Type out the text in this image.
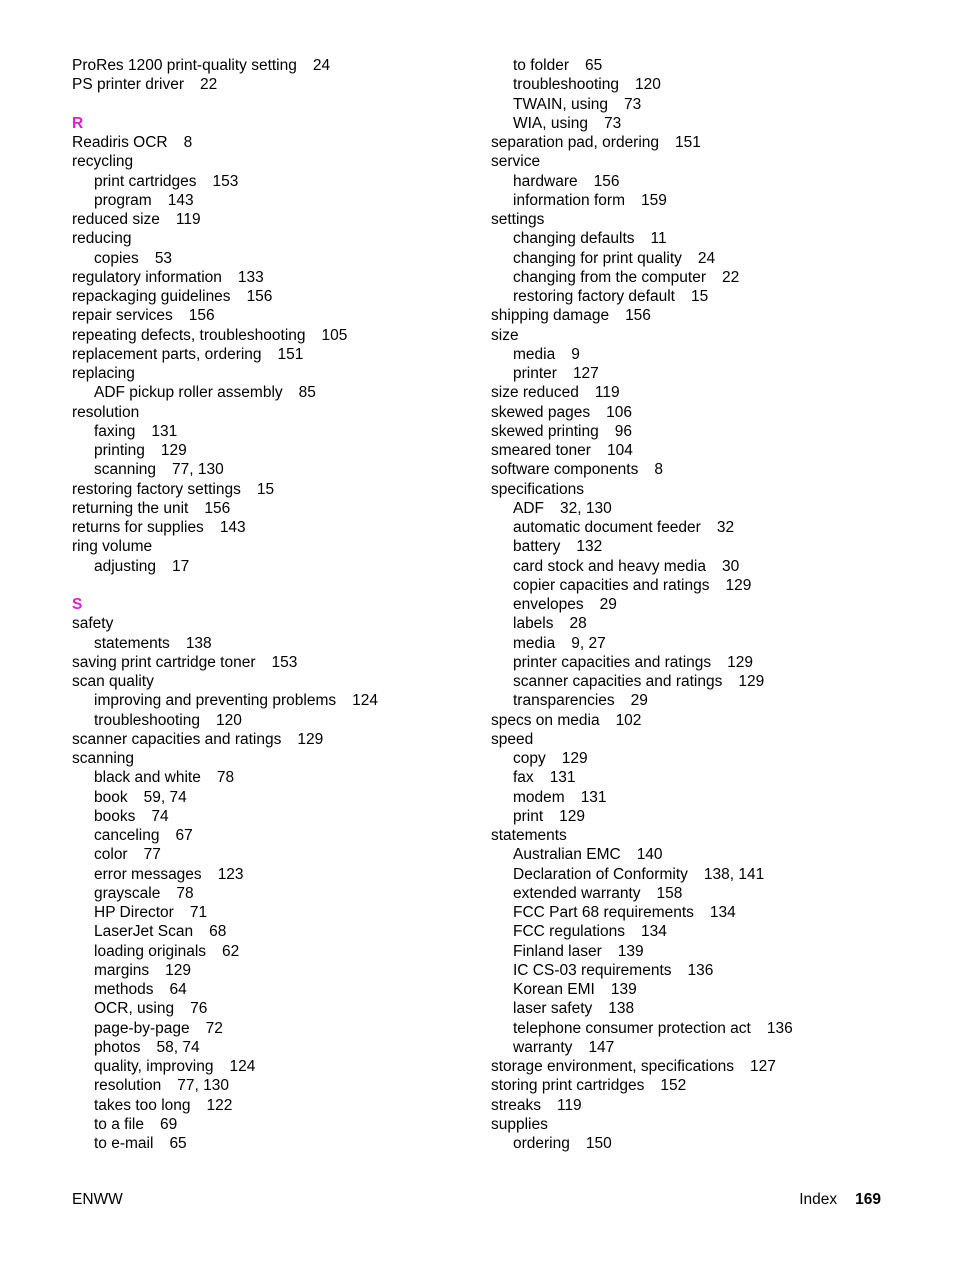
ProRes 1200 print-quality setting 24
PS printer driver 22
R
Readiris OCR 8
recycling
print cartridges 153
program 143
reduced size 119
reducing
copies 53
regulatory information 133
repackaging guidelines 156
repair services 156
repeating defects, troubleshooting 105
replacement parts, ordering 151
replacing
ADF pickup roller assembly 85
resolution
faxing 131
printing 129
scanning 77, 130
restoring factory settings 15
returning the unit 156
returns for supplies 143
ring volume
adjusting 17
S
safety
statements 138
saving print cartridge toner 153
scan quality
improving and preventing problems 124
troubleshooting 120
scanner capacities and ratings 129
scanning
black and white 78
book 59, 74
books 74
canceling 67
color 77
error messages 123
grayscale 78
HP Director 71
LaserJet Scan 68
loading originals 62
margins 129
methods 64
OCR, using 76
page-by-page 72
photos 58, 74
quality, improving 124
resolution 77, 130
takes too long 122
to a file 69
to e-mail 65
to folder 65
troubleshooting 120
TWAIN, using 73
WIA, using 73
separation pad, ordering 151
service
hardware 156
information form 159
settings
changing defaults 11
changing for print quality 24
changing from the computer 22
restoring factory default 15
shipping damage 156
size
media 9
printer 127
size reduced 119
skewed pages 106
skewed printing 96
smeared toner 104
software components 8
specifications
ADF 32, 130
automatic document feeder 32
battery 132
card stock and heavy media 30
copier capacities and ratings 129
envelopes 29
labels 28
media 9, 27
printer capacities and ratings 129
scanner capacities and ratings 129
transparencies 29
specs on media 102
speed
copy 129
fax 131
modem 131
print 129
statements
Australian EMC 140
Declaration of Conformity 138, 141
extended warranty 158
FCC Part 68 requirements 134
FCC regulations 134
Finland laser 139
IC CS-03 requirements 136
Korean EMI 139
laser safety 138
telephone consumer protection act 136
warranty 147
storage environment, specifications 127
storing print cartridges 152
streaks 119
supplies
ordering 150
ENWW	Index 169
